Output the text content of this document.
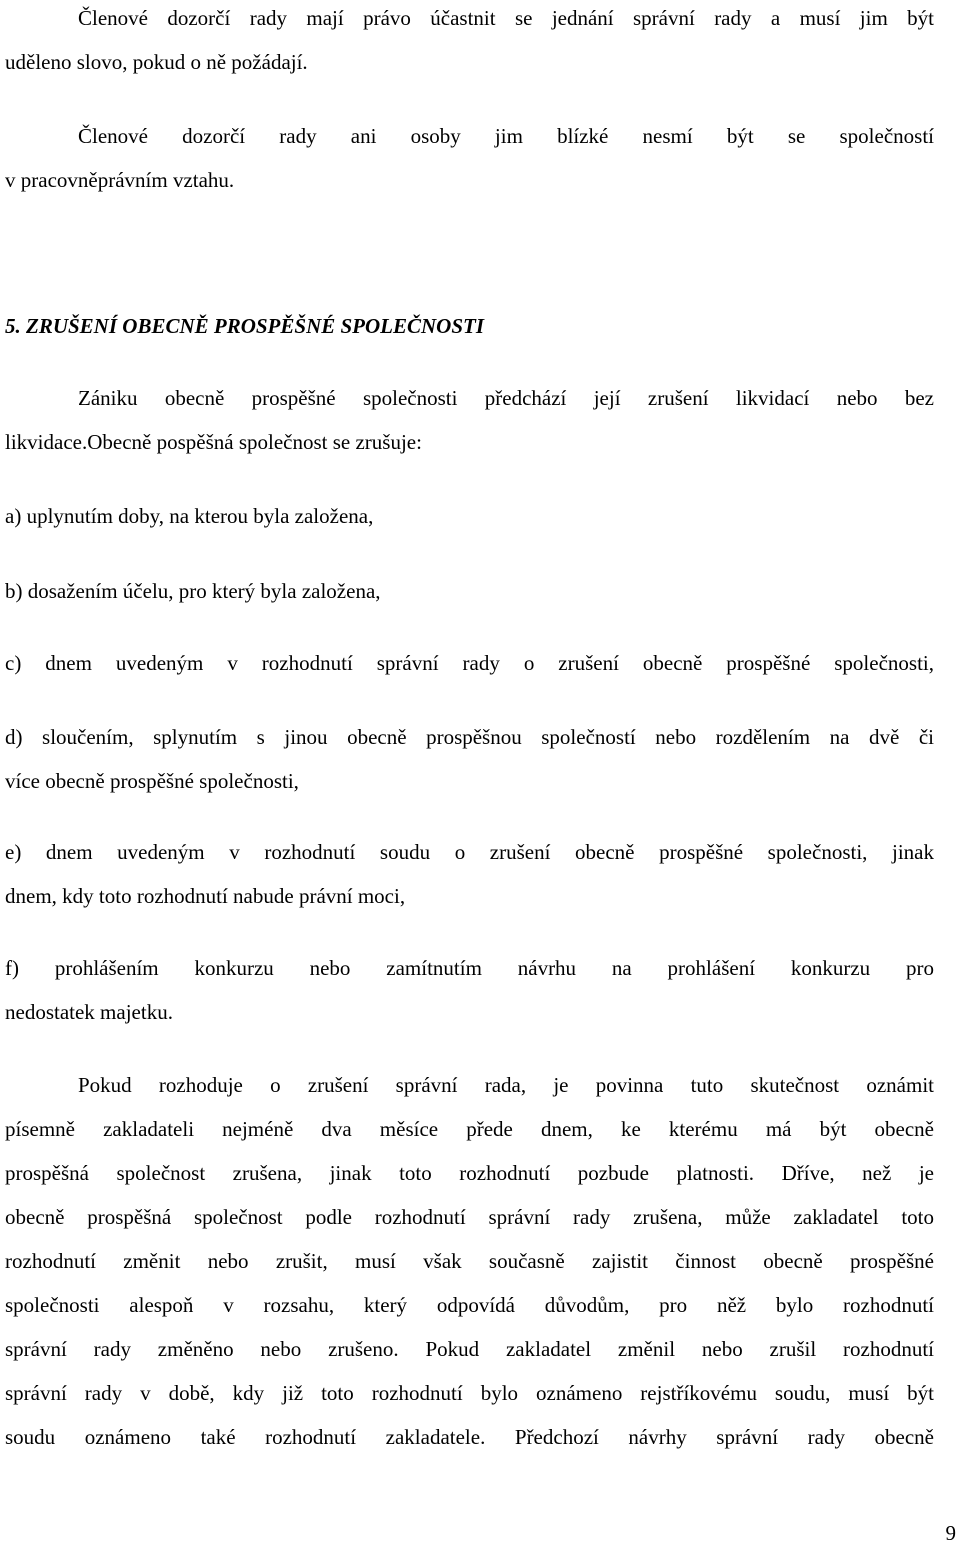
Členové dozorčí rady mají právo účastnit se jednání správní rady a musí jim být
uděleno slovo, pokud o ně požádají.
Členové dozorčí rady ani osoby jim blízké nesmí být se společností
v pracovněprávním vztahu.
5. ZRUŠENÍ OBECNĚ PROSPĚŠNÉ SPOLEČNOSTI
Zániku obecně prospěšné společnosti předchází její zrušení likvidací nebo bez
likvidace.Obecně pospěšná společnost se zrušuje:
a) uplynutím doby, na kterou byla založena,
b) dosažením účelu, pro který byla založena,
c) dnem uvedeným v rozhodnutí správní rady o zrušení obecně prospěšné společnosti,
d) sloučením, splynutím s jinou obecně prospěšnou společností nebo rozdělením na dvě či
více obecně prospěšné společnosti,
e) dnem uvedeným v rozhodnutí soudu o zrušení obecně prospěšné společnosti, jinak
dnem, kdy toto rozhodnutí nabude právní moci,
f) prohlášením konkurzu nebo zamítnutím návrhu na prohlášení konkurzu pro
nedostatek majetku.
Pokud rozhoduje o zrušení správní rada, je povinna tuto skutečnost oznámit
písemně zakladateli nejméně dva měsíce přede dnem, ke kterému má být obecně
prospěšná společnost zrušena, jinak toto rozhodnutí pozbude platnosti. Dříve, než je
obecně prospěšná společnost podle rozhodnutí správní rady zrušena, může zakladatel toto
rozhodnutí změnit nebo zrušit, musí však současně zajistit činnost obecně prospěšné
společnosti alespoň v rozsahu, který odpovídá důvodům, pro něž bylo rozhodnutí
správní rady změněno nebo zrušeno. Pokud zakladatel změnil nebo zrušil rozhodnutí
správní rady v době, kdy již toto rozhodnutí bylo oznámeno rejstříkovému soudu, musí být
soudu oznámeno také rozhodnutí zakladatele. Předchozí návrhy správní rady obecně
9
